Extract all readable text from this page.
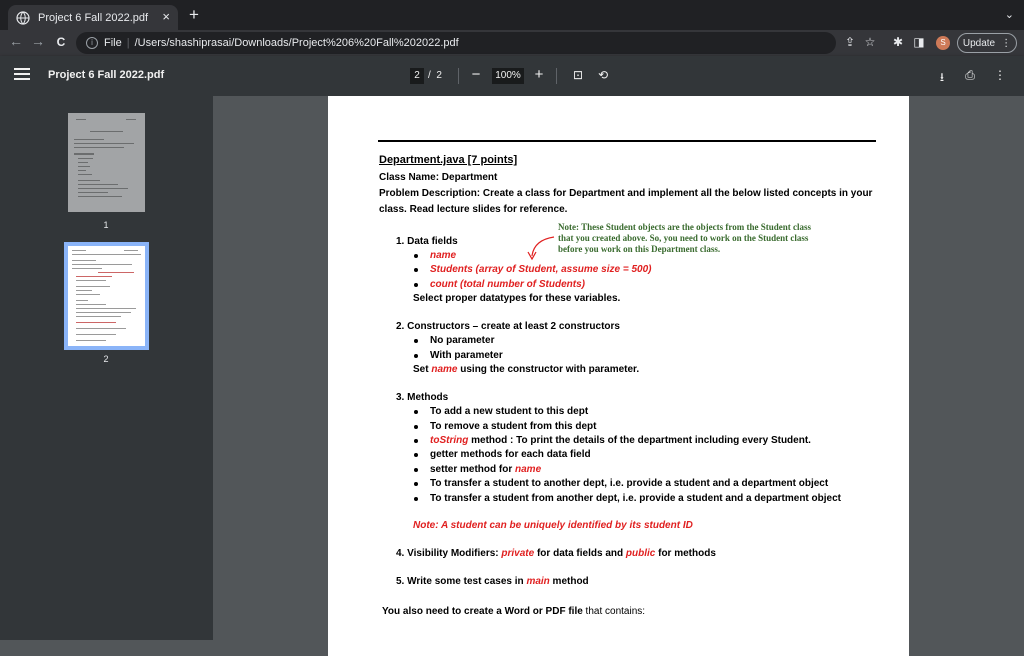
Project 6 Fall 2022.pdf × +	⌄
← → C	i	File | /Users/shashiprasai/Downloads/Project%206%20Fall%202022.pdf	⇪ ☆ ✱ ◨	S	Update ⋮
Project 6 Fall 2022.pdf	2 / 2 −	100% + ⊡ ⟲	⭳	⎙ ⋮
1
2
Department.java [7 points]
Class Name: Department
Problem Description: Create a class for Department and implement all the below listed concepts in your
class. Read lecture slides for reference.
Note: These Student objects are the objects from the Student class
that you created above. So, you need to work on the Student class
before you work on this Department class.
1. Data fields
name
Students (array of Student, assume size = 500)
count (total number of Students)
Select proper datatypes for these variables.
2. Constructors – create at least 2 constructors
No parameter
With parameter
Set name using the constructor with parameter.
3. Methods
To add a new student to this dept
To remove a student from this dept
toString method : To print the details of the department including every Student.
getter methods for each data field
setter method for name
To transfer a student to another dept, i.e. provide a student and a department object
To transfer a student from another dept, i.e. provide a student and a department object
Note: A student can be uniquely identified by its student ID
4. Visibility Modifiers: private for data fields and public for methods
5. Write some test cases in main method
You also need to create a Word or PDF file that contains:
